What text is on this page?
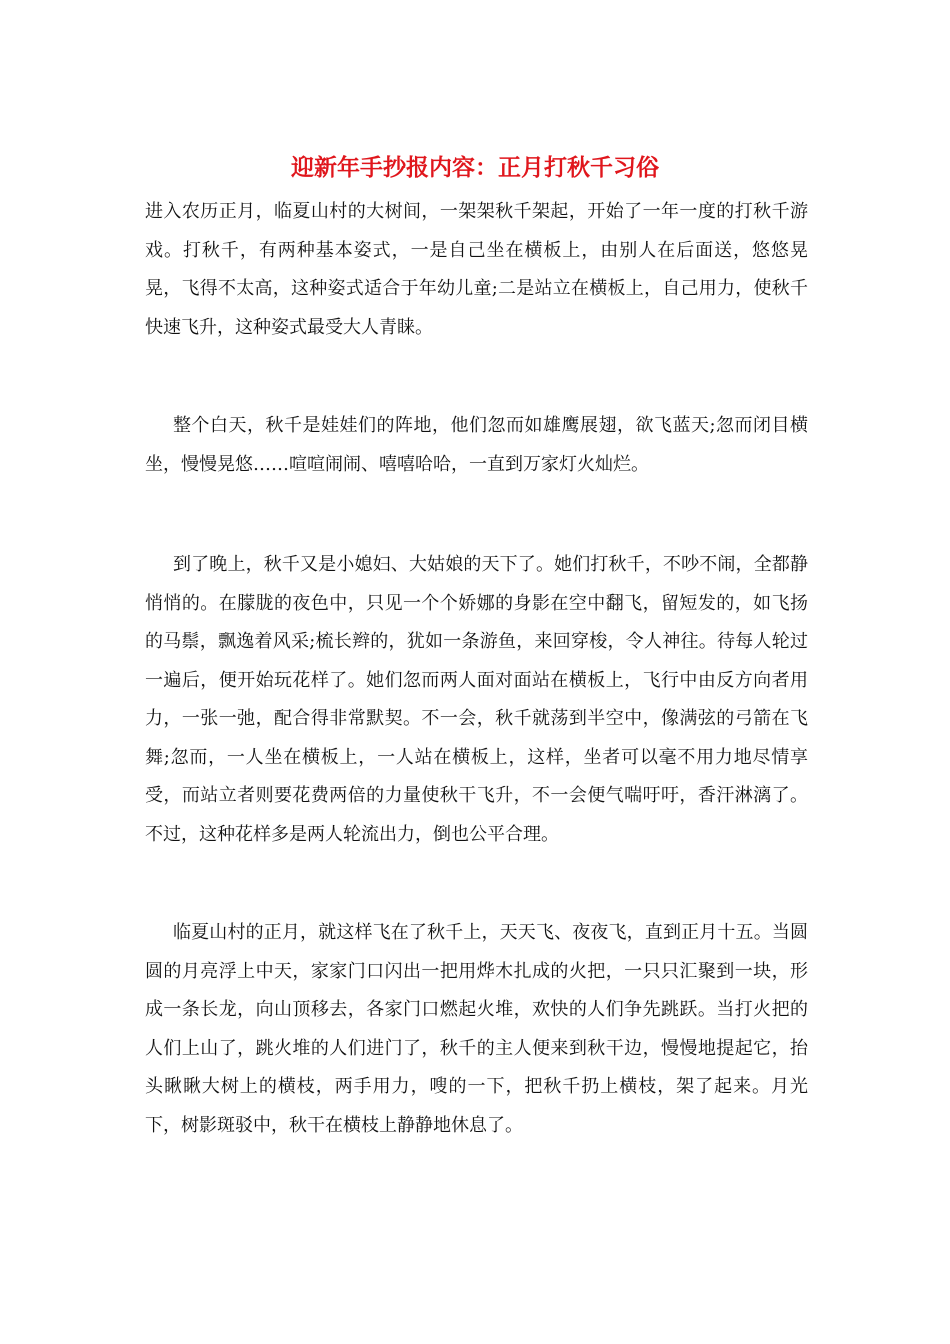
迎新年手抄报内容：正月打秋千习俗

进入农历正月，临夏山村的大树间，一架架秋千架起，开始了一年一度的打秋千游戏。打秋千，有两种基本姿式，一是自己坐在横板上，由别人在后面送，悠悠晃晃，飞得不太高，这种姿式适合于年幼儿童;二是站立在横板上，自己用力，使秋千快速飞升，这种姿式最受大人青睐。

整个白天，秋千是娃娃们的阵地，他们忽而如雄鹰展翅，欲飞蓝天;忽而闭目横坐，慢慢晃悠……喧喧闹闹、嘻嘻哈哈，一直到万家灯火灿烂。

到了晚上，秋千又是小媳妇、大姑娘的天下了。她们打秋千，不吵不闹，全都静悄悄的。在朦胧的夜色中，只见一个个娇娜的身影在空中翻飞，留短发的，如飞扬的马鬃，飘逸着风采;梳长辫的，犹如一条游鱼，来回穿梭，令人神往。待每人轮过一遍后，便开始玩花样了。她们忽而两人面对面站在横板上，飞行中由反方向者用力，一张一弛，配合得非常默契。不一会，秋千就荡到半空中，像满弦的弓箭在飞舞;忽而，一人坐在横板上，一人站在横板上，这样，坐者可以毫不用力地尽情享受，而站立者则要花费两倍的力量使秋干飞升，不一会便气喘吁吁，香汗淋漓了。不过，这种花样多是两人轮流出力，倒也公平合理。

临夏山村的正月，就这样飞在了秋千上，天天飞、夜夜飞，直到正月十五。当圆圆的月亮浮上中天，家家门口闪出一把用烨木扎成的火把，一只只汇聚到一块，形成一条长龙，向山顶移去，各家门口燃起火堆，欢快的人们争先跳跃。当打火把的人们上山了，跳火堆的人们进门了，秋千的主人便来到秋干边，慢慢地提起它，抬头瞅瞅大树上的横枝，两手用力，嗖的一下，把秋千扔上横枝，架了起来。月光下，树影斑驳中，秋干在横枝上静静地休息了。
